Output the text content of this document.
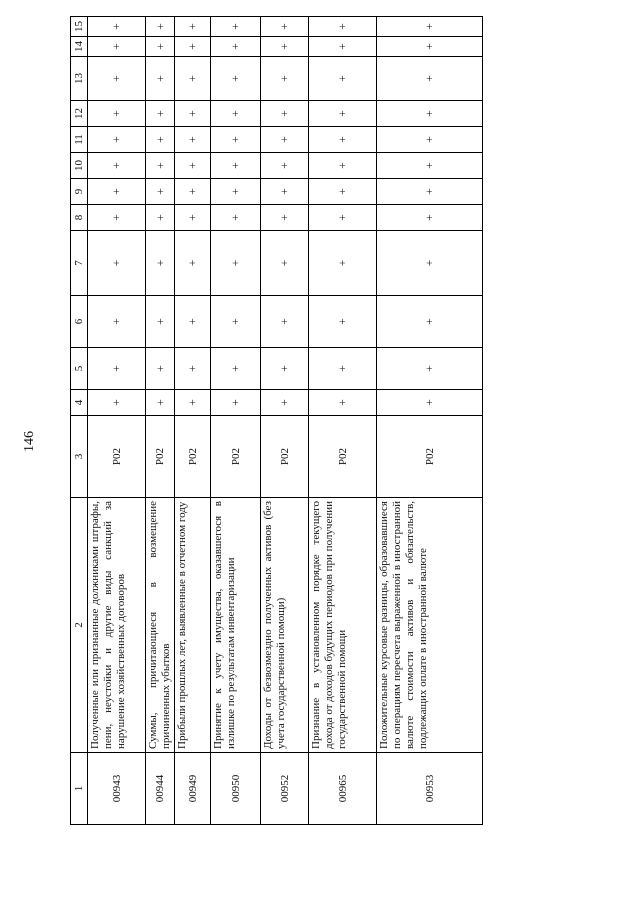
146
1	2	3	4	5	6	7	8	9	10	11	12	13	14	15
00943	Полученные или признанные должниками штрафы, пени, неустойки и другие виды санкций за нарушение хозяйственных договоров	Р02	+	+	+	+	+	+	+	+	+	+	+	+
00944	Суммы, причитающиеся в возмещение причиненных убытков	Р02	+	+	+	+	+	+	+	+	+	+	+	+
00949	Прибыли прошлых лет, выявленные в отчетном году	Р02	+	+	+	+	+	+	+	+	+	+	+	+
00950	Принятие к учету имущества, оказавшегося в излишке по результатам инвентаризации	Р02	+	+	+	+	+	+	+	+	+	+	+	+
00952	Доходы от безвозмездно полученных активов (без учета государственной помощи)	Р02	+	+	+	+	+	+	+	+	+	+	+	+
00965	Признание в установленном порядке текущего дохода от доходов будущих периодов при получении государственной помощи	Р02	+	+	+	+	+	+	+	+	+	+	+	+
00953	Положительные курсовые разницы, образовавшиеся по операциям пересчета выраженной в иностранной валюте стоимости активов и обязательств, подлежащих оплате в иностранной валюте	Р02	+	+	+	+	+	+	+	+	+	+	+	+
